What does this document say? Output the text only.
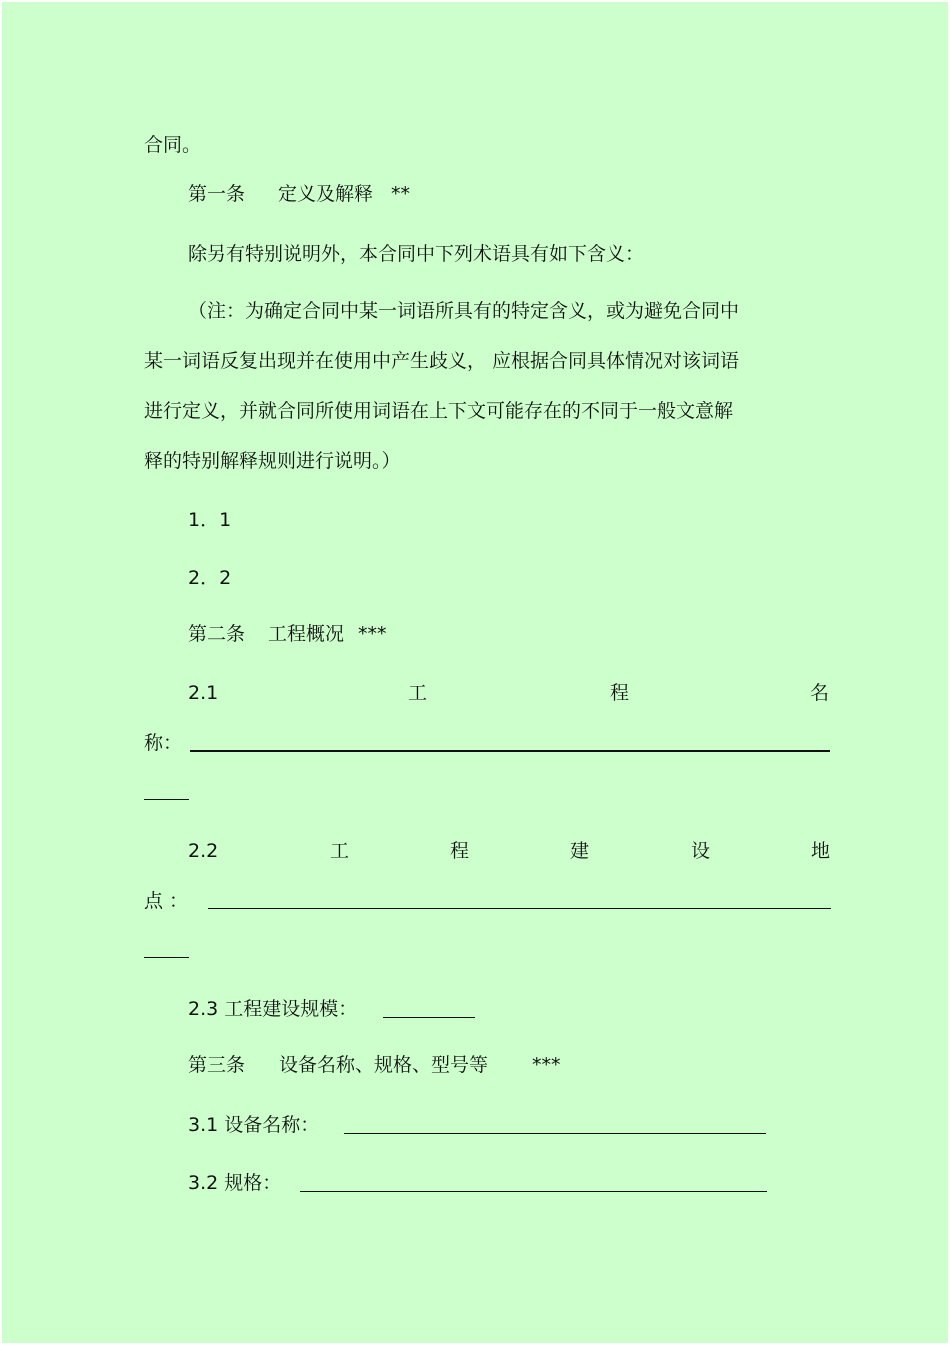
合同。
第一条 定义及解释 **
除另有特别说明外，本合同中下列术语具有如下含义：
（注：为确定合同中某一词语所具有的特定含义，或为避免合同中
某一词语反复出现并在使用中产生歧义， 应根据合同具体情况对该词语
进行定义，并就合同所使用词语在上下文可能存在的不同于一般文意解
释的特别解释规则进行说明。）
1．1
2．2
第二条 工程概况 ***
2.1	工	程	名
称：
2.2	工	程	建	设	地
点 ：
2.3 工程建设规模：
第三条 设备名称、规格、型号等 ***
3.1 设备名称：
3.2 规格：
